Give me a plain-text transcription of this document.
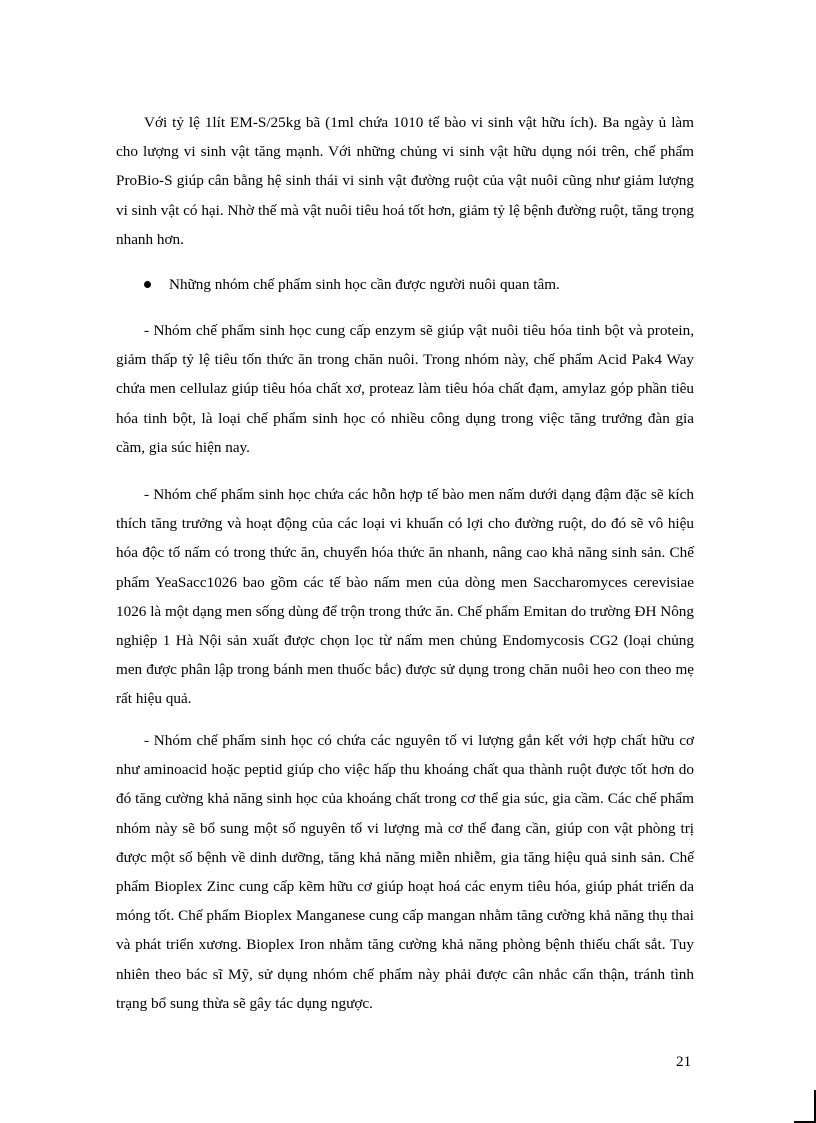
Với tỷ lệ 1lít EM-S/25kg bã (1ml chứa 1010 tế bào vi sinh vật hữu ích). Ba ngày ủ làm cho lượng vi sinh vật tăng mạnh. Với những chủng vi sinh vật hữu dụng nói trên, chế phẩm ProBio-S giúp cân bằng hệ sinh thái vi sinh vật đường ruột của vật nuôi cũng như giảm lượng vi sinh vật có hại. Nhờ thế mà vật nuôi tiêu hoá tốt hơn, giảm tỷ lệ bệnh đường ruột, tăng trọng nhanh hơn.

Những nhóm chế phẩm sinh học cần được người nuôi quan tâm.

- Nhóm chế phẩm sinh học cung cấp enzym sẽ giúp vật nuôi tiêu hóa tinh bột và protein, giảm thấp tỷ lệ tiêu tốn thức ăn trong chăn nuôi. Trong nhóm này, chế phẩm Acid Pak4 Way chứa men cellulaz giúp tiêu hóa chất xơ, proteaz làm tiêu hóa chất đạm, amylaz góp phần tiêu hóa tinh bột, là loại chế phẩm sinh học có nhiều công dụng trong việc tăng trưởng đàn gia cầm, gia súc hiện nay.

- Nhóm chế phẩm sinh học chứa các hỗn hợp tế bào men nấm dưới dạng đậm đặc sẽ kích thích tăng trưởng và hoạt động của các loại vi khuẩn có lợi cho đường ruột, do đó sẽ vô hiệu hóa độc tố nấm có trong thức ăn, chuyển hóa thức ăn nhanh, nâng cao khả năng sinh sản. Chế phẩm YeaSacc1026 bao gồm các tế bào nấm men của dòng men Saccharomyces cerevisiae 1026 là một dạng men sống dùng để trộn trong thức ăn. Chế phẩm Emitan do trường ĐH Nông nghiệp 1 Hà Nội sản xuất được chọn lọc từ nấm men chủng Endomycosis CG2 (loại chủng men được phân lập trong bánh men thuốc bắc) được sử dụng trong chăn nuôi heo con theo mẹ rất hiệu quả.

- Nhóm chế phẩm sinh học có chứa các nguyên tố vi lượng gắn kết với hợp chất hữu cơ như aminoacid hoặc peptid giúp cho việc hấp thu khoáng chất qua thành ruột được tốt hơn do đó tăng cường khả năng sinh học của khoáng chất trong cơ thể gia súc, gia cầm. Các chế phẩm nhóm này sẽ bổ sung một số nguyên tố vi lượng mà cơ thể đang cần, giúp con vật phòng trị được một số bệnh về dinh dưỡng, tăng khả năng miễn nhiễm, gia tăng hiệu quả sinh sản. Chế phẩm Bioplex Zinc cung cấp kẽm hữu cơ giúp hoạt hoá các enym tiêu hóa, giúp phát triển da móng tốt. Chế phẩm Bioplex Manganese cung cấp mangan nhằm tăng cường khả năng thụ thai và phát triển xương. Bioplex Iron nhằm tăng cường khả năng phòng bệnh thiếu chất sắt. Tuy nhiên theo bác sĩ Mỹ, sử dụng nhóm chế phẩm này phải được cân nhắc cẩn thận, tránh tình trạng bổ sung thừa sẽ gây tác dụng ngược.

21
